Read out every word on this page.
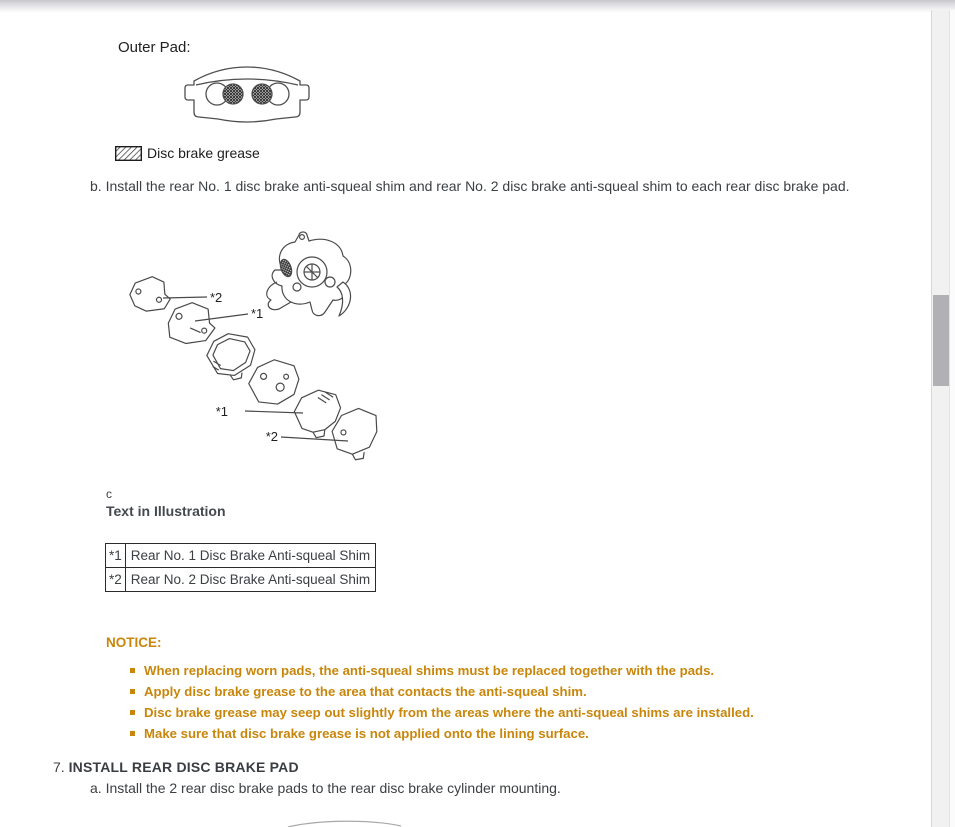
Outer Pad:
Disc brake grease

b. Install the rear No. 1 disc brake anti-squeal shim and rear No. 2 disc brake anti-squeal shim to each rear disc brake pad.

*2
*1
*1
*2
c
Text in Illustration
*1	Rear No. 1 Disc Brake Anti-squeal Shim
*2	Rear No. 2 Disc Brake Anti-squeal Shim
NOTICE:
When replacing worn pads, the anti-squeal shims must be replaced together with the pads.
Apply disc brake grease to the area that contacts the anti-squeal shim.
Disc brake grease may seep out slightly from the areas where the anti-squeal shims are installed.
Make sure that disc brake grease is not applied onto the lining surface.
7. INSTALL REAR DISC BRAKE PAD

a. Install the 2 rear disc brake pads to the rear disc brake cylinder mounting.
